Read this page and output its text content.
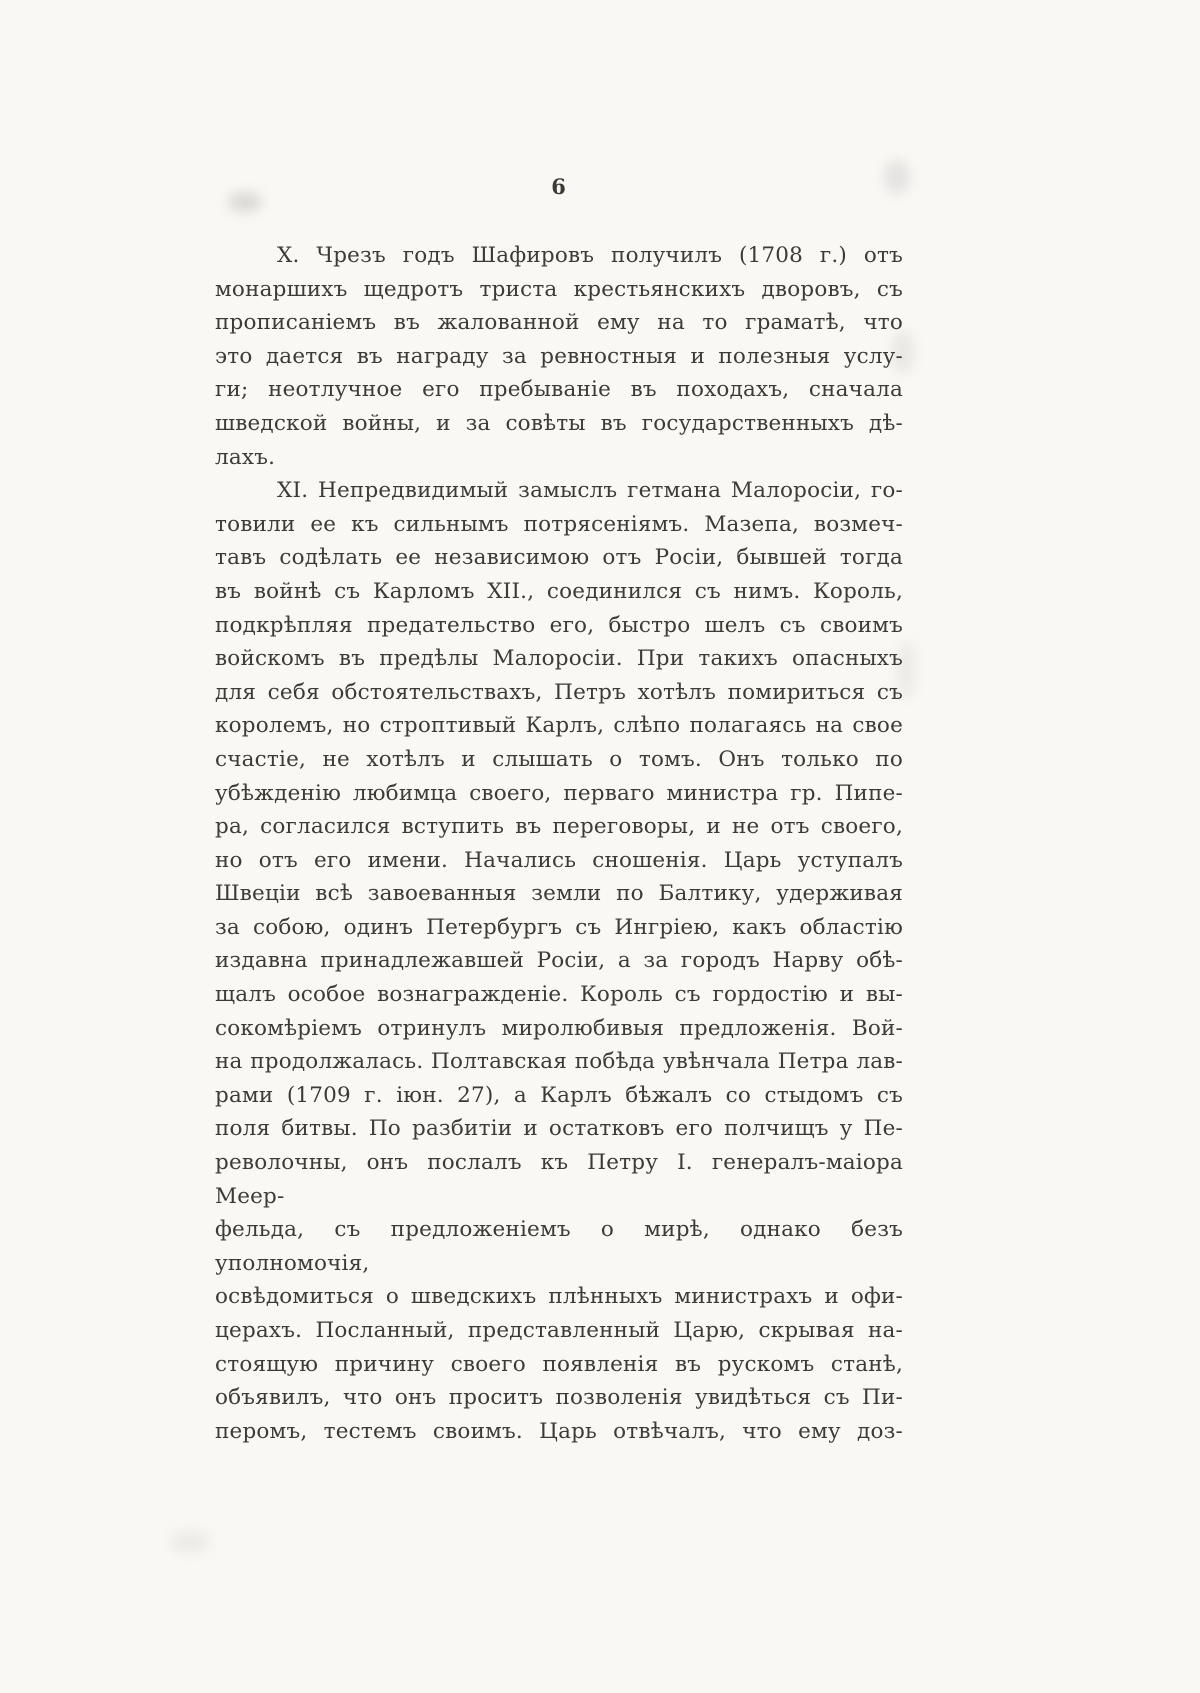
6
X. Чрезъ годъ Шафировъ получилъ (1708 г.) отъ
монаршихъ щедротъ триста крестьянскихъ дворовъ, съ
прописаніемъ въ жалованной ему на то граматѣ, что
это дается въ награду за ревностныя и полезныя услу-
ги; неотлучное его пребываніе въ походахъ, сначала
шведской войны, и за совѣты въ государственныхъ дѣ-
лахъ.
XI. Непредвидимый замыслъ гетмана Малоросіи, го-
товили ее къ сильнымъ потрясеніямъ. Мазепа, возмеч-
тавъ содѣлать ее независимою отъ Росіи, бывшей тогда
въ войнѣ съ Карломъ XII., соединился съ нимъ. Король,
подкрѣпляя предательство его, быстро шелъ съ своимъ
войскомъ въ предѣлы Малоросіи. При такихъ опасныхъ
для себя обстоятельствахъ, Петръ хотѣлъ помириться съ
королемъ, но строптивый Карлъ, слѣпо полагаясь на свое
счастіе, не хотѣлъ и слышать о томъ. Онъ только по
убѣжденію любимца своего, перваго министра гр. Пипе-
ра, согласился вступить въ переговоры, и не отъ своего,
но отъ его имени. Начались сношенія. Царь уступалъ
Швеціи всѣ завоеванныя земли по Балтику, удерживая
за собою, одинъ Петербургъ съ Ингріею, какъ областію
издавна принадлежавшей Росіи, а за городъ Нарву обѣ-
щалъ особое вознагражденіе. Король съ гордостію и вы-
сокомѣріемъ отринулъ миролюбивыя предложенія. Вой-
на продолжалась. Полтавская побѣда увѣнчала Петра лав-
рами (1709 г. іюн. 27), а Карлъ бѣжалъ со стыдомъ съ
поля битвы. По разбитіи и остатковъ его полчищъ у Пе-
револочны, онъ послалъ къ Петру I. генералъ-маіора Меер-
фельда, съ предложеніемъ о мирѣ, однако безъ уполномочія,
освѣдомиться о шведскихъ плѣнныхъ министрахъ и офи-
церахъ. Посланный, представленный Царю, скрывая на-
стоящую причину своего появленія въ рускомъ станѣ,
объявилъ, что онъ проситъ позволенія увидѣться съ Пи-
перомъ, тестемъ своимъ. Царь отвѣчалъ, что ему доз-
